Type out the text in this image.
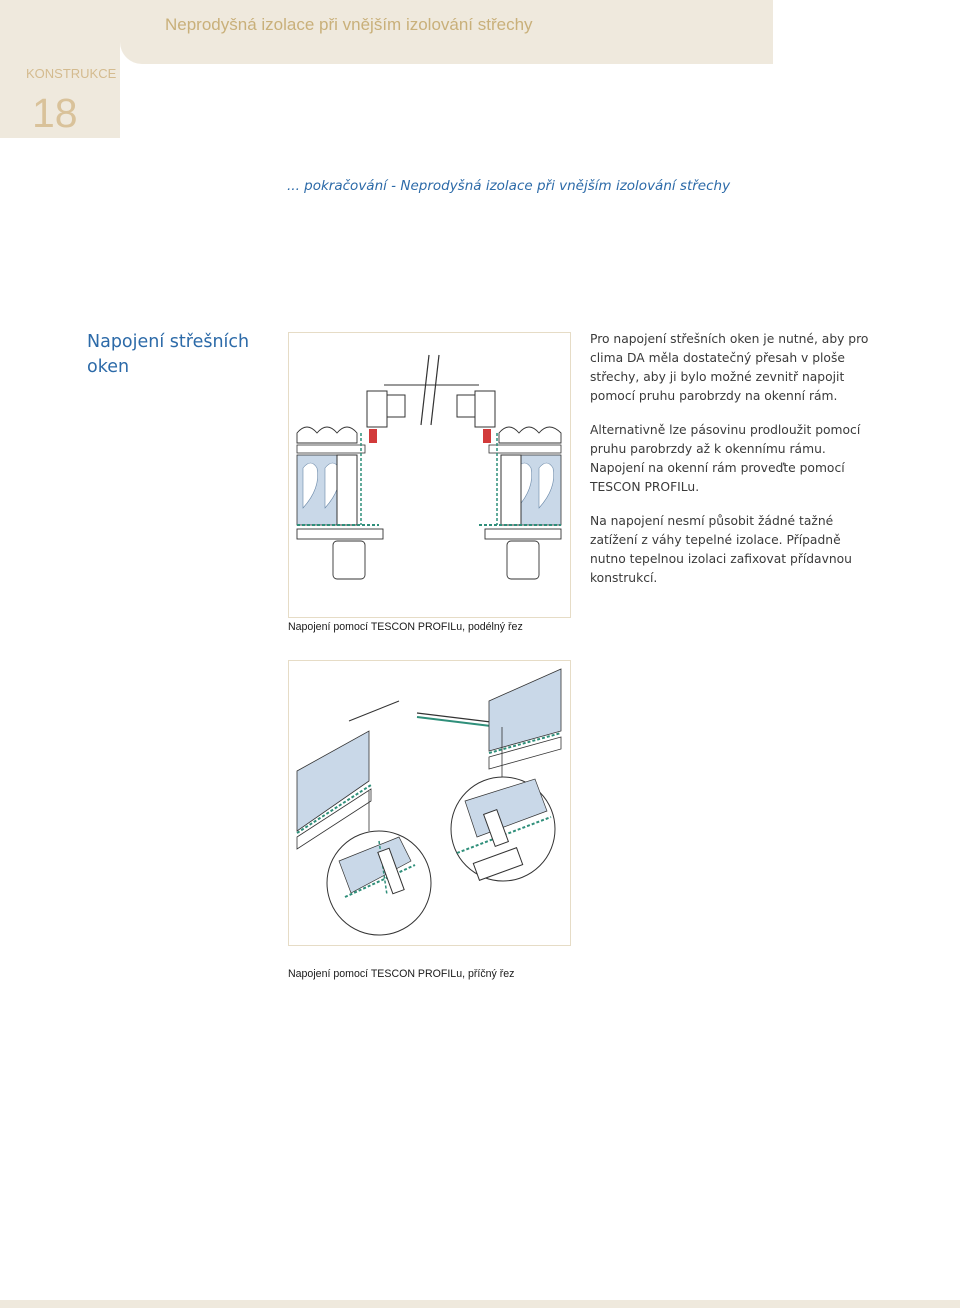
Neprodyšná izolace při vnějším izolování střechy
KONSTRUKCE
18
... pokračování - Neprodyšná izolace při vnějším izolování střechy
Napojení střešních oken

Pro napojení střešních oken je nutné, aby pro clima DA měla dostatečný přesah v ploše střechy, aby ji bylo možné zevnitř napojit pomocí pruhu parobrzdy na okenní rám.

Alternativně lze pásovinu prodloužit pomocí pruhu parobrzdy až k okennímu rámu. Napojení na okenní rám proveďte pomocí TESCON PROFILu.

Na napojení nesmí působit žádné tažné zatížení z váhy tepelné izolace. Případně nutno tepelnou izolaci zafixovat přídavnou konstrukcí.

Napojení pomocí TESCON PROFILu, podélný řez
Napojení pomocí TESCON PROFILu, příčný řez
